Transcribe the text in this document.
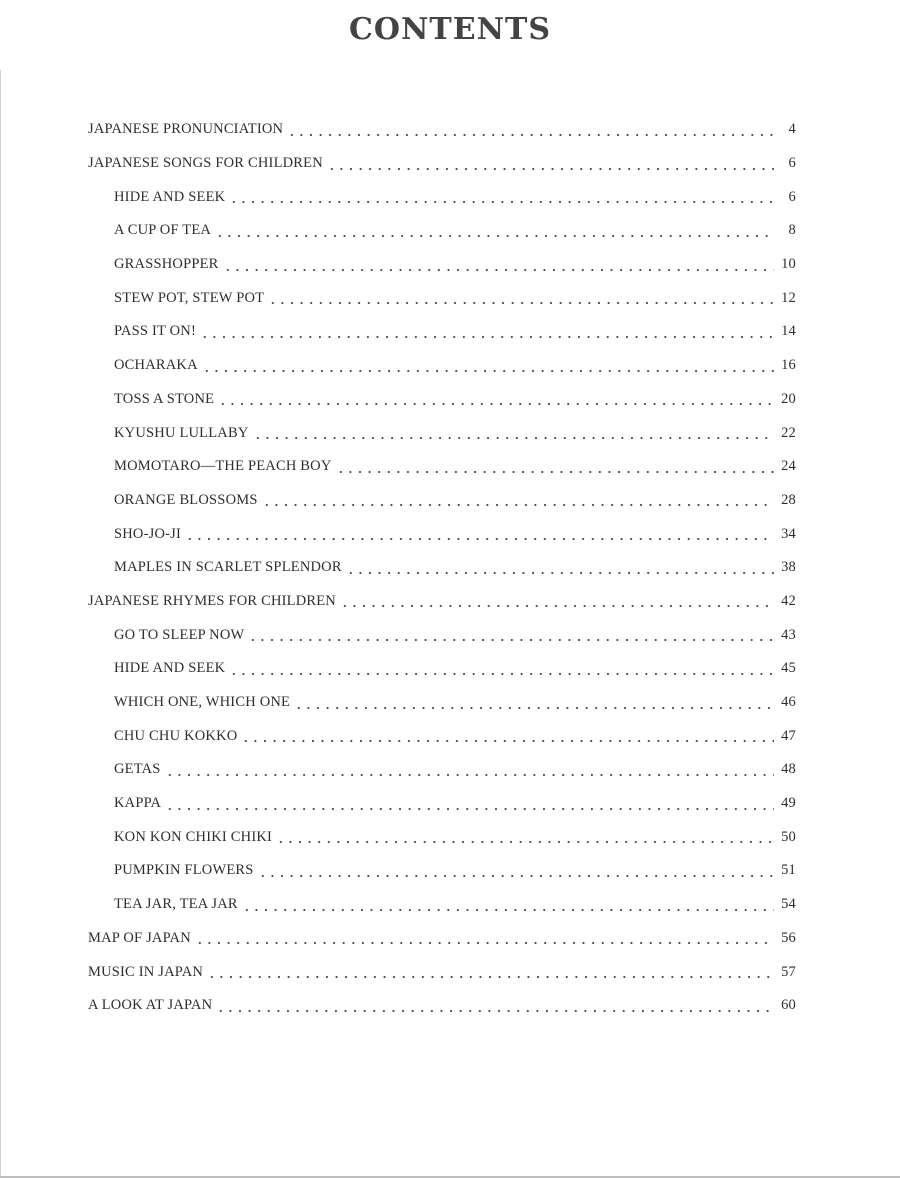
CONTENTS
JAPANESE PRONUNCIATION	4
JAPANESE SONGS FOR CHILDREN	6
HIDE AND SEEK	6
A CUP OF TEA	8
GRASSHOPPER	10
STEW POT, STEW POT	12
PASS IT ON!	14
OCHARAKA	16
TOSS A STONE	20
KYUSHU LULLABY	22
MOMOTARO—THE PEACH BOY	24
ORANGE BLOSSOMS	28
SHO-JO-JI	34
MAPLES IN SCARLET SPLENDOR	38
JAPANESE RHYMES FOR CHILDREN	42
GO TO SLEEP NOW	43
HIDE AND SEEK	45
WHICH ONE, WHICH ONE	46
CHU CHU KOKKO	47
GETAS	48
KAPPA	49
KON KON CHIKI CHIKI	50
PUMPKIN FLOWERS	51
TEA JAR, TEA JAR	54
MAP OF JAPAN	56
MUSIC IN JAPAN	57
A LOOK AT JAPAN	60
